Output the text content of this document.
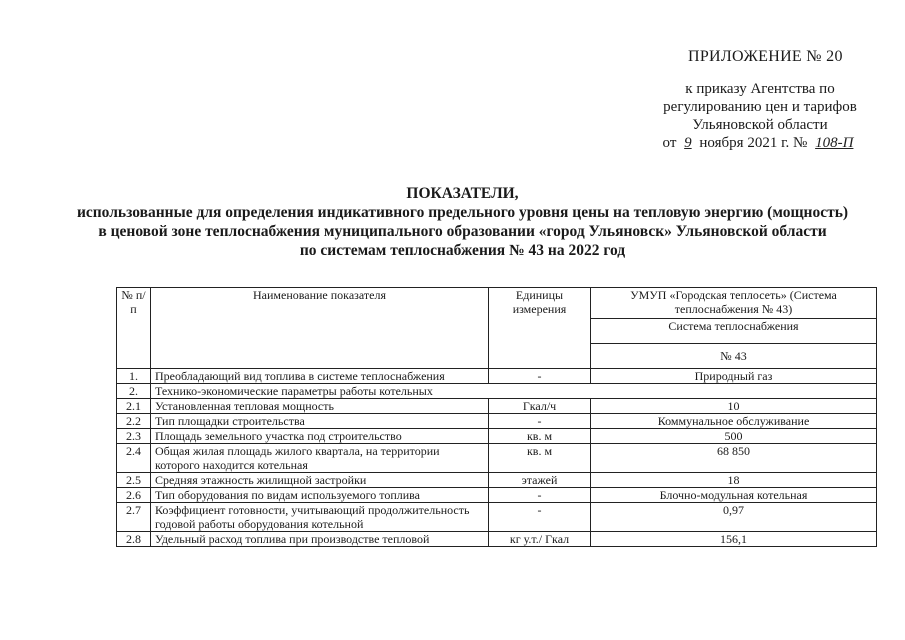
ПРИЛОЖЕНИЕ № 20
к приказу Агентства по
регулированию цен и тарифов
Ульяновской области
от 9 ноября 2021 г. № 108-П
ПОКАЗАТЕЛИ,
использованные для определения индикативного предельного уровня цены на тепловую энергию (мощность)
в ценовой зоне теплоснабжения муниципального образовании «город Ульяновск» Ульяновской области
по системам теплоснабжения № 43 на 2022 год
№ п/п	Наименование показателя	Единицы измерения	УМУП «Городская теплосеть» (Система теплоснабжения № 43)
			Система теплоснабжения
			№ 43
1.	Преобладающий вид топлива в системе теплоснабжения	-	Природный газ
2.	Технико-экономические параметры работы котельных		
2.1	Установленная тепловая мощность	Гкал/ч	10
2.2	Тип площадки строительства	-	Коммунальное обслуживание
2.3	Площадь земельного участка под строительство	кв. м	500
2.4	Общая жилая площадь жилого квартала, на территории которого находится котельная	кв. м	68 850
2.5	Средняя этажность жилищной застройки	этажей	18
2.6	Тип оборудования по видам используемого топлива	-	Блочно-модульная котельная
2.7	Коэффициент готовности, учитывающий продолжительность годовой работы оборудования котельной	-	0,97
2.8	Удельный расход топлива при производстве тепловой	кг у.т./ Гкал	156,1
